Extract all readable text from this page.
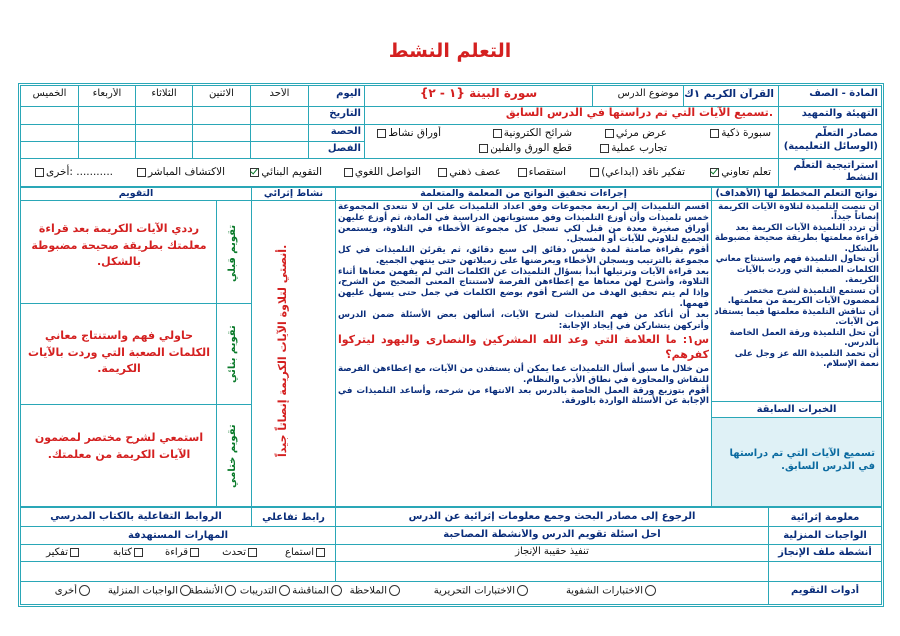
التعلم النشط
المادة - الصف
القرآن الكريم ١ك
موضوع الدرس
سورة البينة {١ - ٢}
اليوم
الأحد
الاثنين
الثلاثاء
الأربعاء
الخميس
التهيئة والتمهيد
تسميع الآيات التي تم دراستها في الدرس السابق.
التاريخ
مصادر التعلّم (الوسائل التعليمية)
سبورة ذكية
عرض مرئي
شرائح الكترونية
أوراق نشاط
تجارب عملية
قطع الورق والفلين
الحصة
الفصل
استراتيجية التعلّم النشط
تعلم تعاوني
تفكير ناقد (ابداعي)
استقصاء
عصف ذهني
التواصل اللغوي
التقويم البنائي
الاكتشاف المباشر
أخرى: ...........
نواتج التعلم المخطط لها (الأهداف)
إجراءات تحقيق النواتج من المعلمة والمتعلمة
نشاط إثرائي
التقويم
أن تنصت التلميذة لتلاوة الآيات الكريمة إنصاتاً جيداً.
أن تردد التلميذة الآيات الكريمة بعد قراءة معلمتها بطريقة صحيحة مضبوطة بالشكل.
أن تحاول التلميذة فهم واستنتاج معاني الكلمات الصعبة التي وردت بالآيات الكريمة.
أن تستمع التلميذة لشرح مختصر لمضمون الآيات الكريمة من معلمتها.
أن تناقش التلميذة معلمتها فيما يستفاد من الآيات.
أن تحل التلميذة ورقة العمل الخاصة بالدرس.
أن تحمد التلميذة الله عز وجل على نعمة الإسلام.
الخبرات السابقة
تسميع الآيات التي تم دراستها في الدرس السابق.
أقسم التلميذات إلى أربعة مجموعات وفق أعداد التلميذات على أن لا تتعدى المجموعة خمس تلميذات وأن أوزع التلميذات وفق مستوياتهن الدراسية في المادة، ثم أوزع عليهن أوراق صغيرة معدة من قبل لكي تسجل كل مجموعة الأخطاء في التلاوة، ويستمعن الجميع لتلاوتي للآيات أو المسجل.
أقوم بقراءة صامتة لمدة خمس دقائق إلى سبع دقائق، ثم يقرئن التلميذات في كل مجموعة بالترتيب ويسجلن الأخطاء ويعرضنها على زميلاتهن حتى ينتهي الجميع.
بعد قراءة الآيات وترتيلها أبدأ بسؤال التلميذات عن الكلمات التي لم يفهمن معناها أثناء التلاوة، وأشرح لهن معناها مع إعطاءهن الفرصة لاستنتاج المعنى الصحيح من الشرح، وإذا لم يتم تحقيق الهدف من الشرح أقوم بوضع الكلمات في جمل حتى يسهل عليهن فهمها.
بعد أن أتأكد من فهم التلميذات لشرح الآيات، أسألهن بعض الأسئلة ضمن الدرس وأتركهن يتشاركن في إيجاد الإجابة:
س١: ما العلامة التي وعد الله المشركين والنصارى واليهود ليتركوا كفرهم؟
من خلال ما سبق أسأل التلميذات عما يمكن أن يستفدن من الآيات، مع إعطاءهن الفرصة للنقاش والمحاورة في نطاق الأدب والنظام.
أقوم بتوزيع ورقة العمل الخاصة بالدرس بعد الانتهاء من شرحه، وأساعد التلميذات في الإجابة عن الأسئلة الواردة بالورقة.
أنصتي لتلاوة الآيات الكريمة إنصاتاً جيداً.
تقويم قبلي
رددي الآيات الكريمة بعد قراءة معلمتك بطريقة صحيحة مضبوطة بالشكل.
تقويم بنائي
حاولي فهم واستنتاج معاني الكلمات الصعبة التي وردت بالآيات الكريمة.
تقويم ختامي
استمعي لشرح مختصر لمضمون الآيات الكريمة من معلمتك.
معلومة إثرائية
الرجوع إلى مصادر البحث وجمع معلومات إثرائية عن الدرس
رابط تفاعلي
الروابط التفاعلية بالكتاب المدرسي
الواجبات المنزلية
أحل أسئلة تقويم الدرس والأنشطة المصاحبة
المهارات المستهدفة
أنشطة ملف الإنجاز
تنفيذ حقيبة الإنجاز
استماع
تحدث
قراءة
كتابة
تفكير
أدوات التقويم
الاختبارات الشفوية
الاختبارات التحريرية
الملاحظة
المناقشة
التدريبات
الأنشطة
الواجبات المنزلية
أخرى
